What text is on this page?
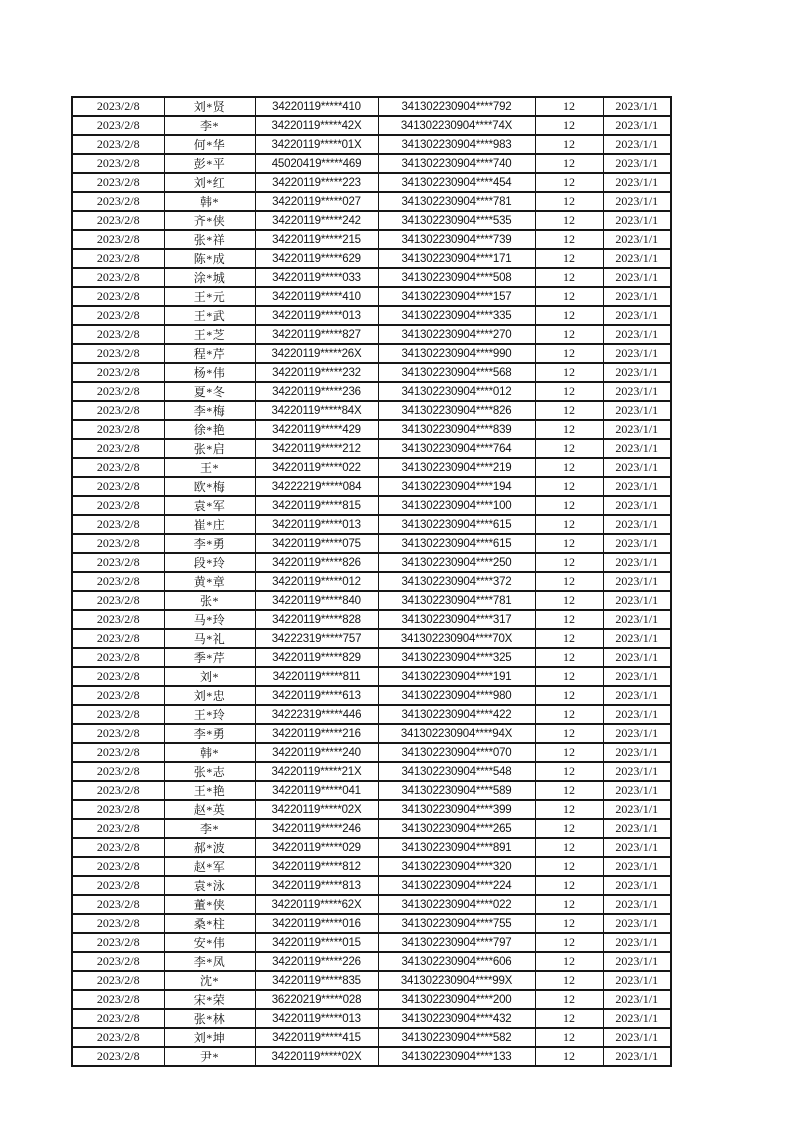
2023/2/8	刘*贤	34220119*****410	341302230904****792	12	2023/1/1
2023/2/8	李*	34220119*****42X	341302230904****74X	12	2023/1/1
2023/2/8	何*华	34220119*****01X	341302230904****983	12	2023/1/1
2023/2/8	彭*平	45020419*****469	341302230904****740	12	2023/1/1
2023/2/8	刘*红	34220119*****223	341302230904****454	12	2023/1/1
2023/2/8	韩*	34220119*****027	341302230904****781	12	2023/1/1
2023/2/8	齐*侠	34220119*****242	341302230904****535	12	2023/1/1
2023/2/8	张*祥	34220119*****215	341302230904****739	12	2023/1/1
2023/2/8	陈*成	34220119*****629	341302230904****171	12	2023/1/1
2023/2/8	涂*城	34220119*****033	341302230904****508	12	2023/1/1
2023/2/8	王*元	34220119*****410	341302230904****157	12	2023/1/1
2023/2/8	王*武	34220119*****013	341302230904****335	12	2023/1/1
2023/2/8	王*芝	34220119*****827	341302230904****270	12	2023/1/1
2023/2/8	程*芹	34220119*****26X	341302230904****990	12	2023/1/1
2023/2/8	杨*伟	34220119*****232	341302230904****568	12	2023/1/1
2023/2/8	夏*冬	34220119*****236	341302230904****012	12	2023/1/1
2023/2/8	李*梅	34220119*****84X	341302230904****826	12	2023/1/1
2023/2/8	徐*艳	34220119*****429	341302230904****839	12	2023/1/1
2023/2/8	张*启	34220119*****212	341302230904****764	12	2023/1/1
2023/2/8	王*	34220119*****022	341302230904****219	12	2023/1/1
2023/2/8	欧*梅	34222219*****084	341302230904****194	12	2023/1/1
2023/2/8	袁*军	34220119*****815	341302230904****100	12	2023/1/1
2023/2/8	崔*庄	34220119*****013	341302230904****615	12	2023/1/1
2023/2/8	李*勇	34220119*****075	341302230904****615	12	2023/1/1
2023/2/8	段*玲	34220119*****826	341302230904****250	12	2023/1/1
2023/2/8	黄*章	34220119*****012	341302230904****372	12	2023/1/1
2023/2/8	张*	34220119*****840	341302230904****781	12	2023/1/1
2023/2/8	马*玲	34220119*****828	341302230904****317	12	2023/1/1
2023/2/8	马*礼	34222319*****757	341302230904****70X	12	2023/1/1
2023/2/8	季*芹	34220119*****829	341302230904****325	12	2023/1/1
2023/2/8	刘*	34220119*****811	341302230904****191	12	2023/1/1
2023/2/8	刘*忠	34220119*****613	341302230904****980	12	2023/1/1
2023/2/8	王*玲	34222319*****446	341302230904****422	12	2023/1/1
2023/2/8	李*勇	34220119*****216	341302230904****94X	12	2023/1/1
2023/2/8	韩*	34220119*****240	341302230904****070	12	2023/1/1
2023/2/8	张*志	34220119*****21X	341302230904****548	12	2023/1/1
2023/2/8	王*艳	34220119*****041	341302230904****589	12	2023/1/1
2023/2/8	赵*英	34220119*****02X	341302230904****399	12	2023/1/1
2023/2/8	李*	34220119*****246	341302230904****265	12	2023/1/1
2023/2/8	郝*波	34220119*****029	341302230904****891	12	2023/1/1
2023/2/8	赵*军	34220119*****812	341302230904****320	12	2023/1/1
2023/2/8	袁*泳	34220119*****813	341302230904****224	12	2023/1/1
2023/2/8	董*侠	34220119*****62X	341302230904****022	12	2023/1/1
2023/2/8	桑*柱	34220119*****016	341302230904****755	12	2023/1/1
2023/2/8	安*伟	34220119*****015	341302230904****797	12	2023/1/1
2023/2/8	李*凤	34220119*****226	341302230904****606	12	2023/1/1
2023/2/8	沈*	34220119*****835	341302230904****99X	12	2023/1/1
2023/2/8	宋*荣	36220219*****028	341302230904****200	12	2023/1/1
2023/2/8	张*林	34220119*****013	341302230904****432	12	2023/1/1
2023/2/8	刘*坤	34220119*****415	341302230904****582	12	2023/1/1
2023/2/8	尹*	34220119*****02X	341302230904****133	12	2023/1/1
